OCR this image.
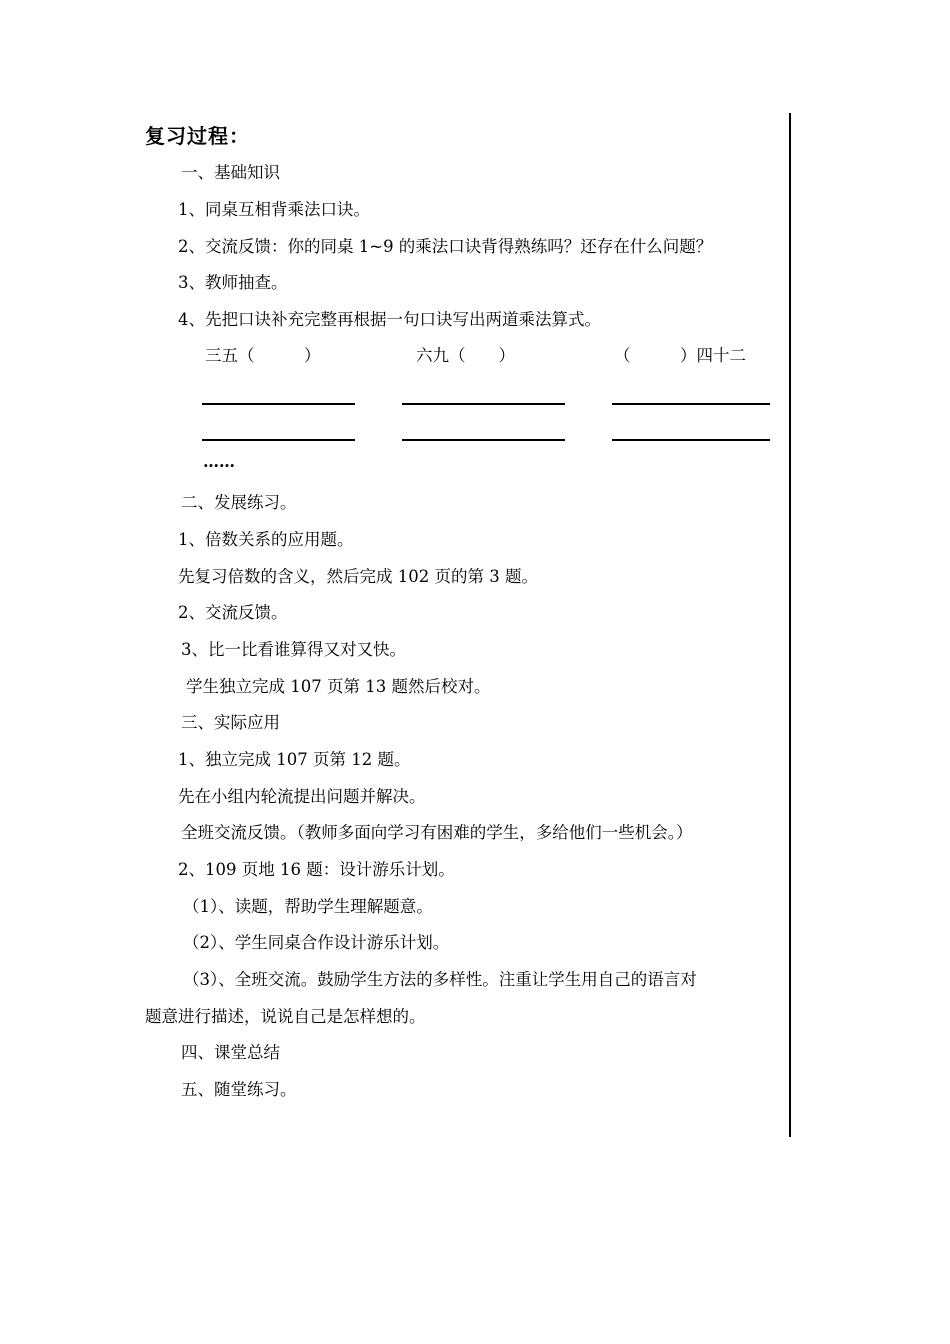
复习过程：
一、基础知识
1、同桌互相背乘法口诀。
2、交流反馈：你的同桌 1~9 的乘法口诀背得熟练吗？还存在什么问题？
3、教师抽查。
4、先把口诀补充完整再根据一句口诀写出两道乘法算式。
三五（　　　）	六九（　　）	（　　　）四十二
……
二、发展练习。
1、倍数关系的应用题。
先复习倍数的含义，然后完成 102 页的第 3 题。
2、交流反馈。
3、比一比看谁算得又对又快。
学生独立完成 107 页第 13 题然后校对。
三、实际应用
1、独立完成 107 页第 12 题。
先在小组内轮流提出问题并解决。
全班交流反馈。（教师多面向学习有困难的学生，多给他们一些机会。）
2、109 页地 16 题：设计游乐计划。
（1）、读题，帮助学生理解题意。
（2）、学生同桌合作设计游乐计划。
（3）、全班交流。鼓励学生方法的多样性。注重让学生用自己的语言对
题意进行描述，说说自己是怎样想的。
四、课堂总结
五、随堂练习。
